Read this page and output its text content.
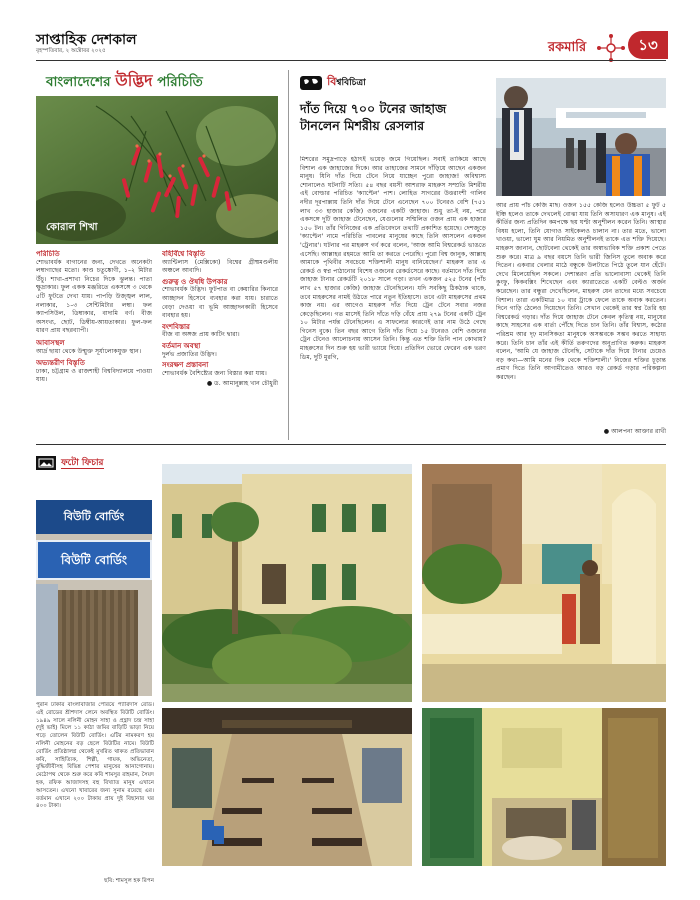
সাপ্তাহিক দেশকাল
বৃহস্পতিবার, ২ অক্টোবর ২০২৫	রকমারি	১৩
বাংলাদেশের উদ্ভিদ পরিচিতি
কোরাল শিখা

পরিচিতি

শোভাবর্ধক বাগানের জন্য, দেখতে অনেকটা লম্বাগাছের মতো। কাণ্ড চতুষ্কোণী, ১–২ মিটার উঁচু। শাখা-প্রশাখা নিচের দিকে ঝুলন্ত। পাতা ক্ষুদ্রাকার। ফুল একক মঞ্জরিতে একসঙ্গে ৩ থেকে ৫টি ফুটতে দেখা যায়। পাপড়ি উজ্জ্বল লাল, নলাকার, ১–৩ সেন্টিমিটার লম্বা। ফল ক্যাপসিউল, ডিম্বাকার, বাদামি বর্ণ। বীজ অসংখ্য, ছোট, ডিম্বীয়-আয়তাকার। ফুল-ফল ধারণ প্রায় বছরব্যাপী।

আবাসস্থল

আর্দ্র ছায়া থেকে উন্মুক্ত সূর্যালোকযুক্ত স্থান।

অভ্যন্তরীণ বিস্তৃতি

ঢাকা, চট্টগ্রাম ও রাজশাহী বিশ্ববিদ্যালয়ে পাওয়া যায়।

বহির্বিশ্বে বিস্তৃতি

অ্যান্টিলাস (মেক্সিকো) বিশ্বের গ্রীষ্মমণ্ডলীয় অঞ্চলে আবাদি।

গুরুত্ব ও ঔষধি উপকার

শোভাবর্ধক উদ্ভিদ। ফুটপাত বা কেয়ারির কিনারে আচ্ছাদন হিসেবে ব্যবহার করা যায়। চারাতে বেড়া দেওয়া বা ভূমি আচ্ছাদনকারী হিসেবে ব্যবহার হয়।

বংশবিস্তার

বীজ বা অঙ্গজ প্রায় কাটিং দ্বারা।

বর্তমান অবস্থা

দুর্লভ প্রজাতির উদ্ভিদ।

সংরক্ষণ প্রস্তাবনা

শোভাবর্ধক বৈশিষ্ট্যের জন্য বিস্তার করা যায়।

● ড. আমানুল্লাহ খান চৌধুরী

বিশ্ববিচিত্রা
দাঁত দিয়ে ৭০০ টনের জাহাজ
টানলেন মিশরীয় রেসলার

মিশরের সমুদ্রপাড়ে হঠাৎই ভয়েড় জমে গিয়েছিল। সবাই তাকিয়ে আছে বিশাল এক জাহাজের দিকে। আর তাহাজের সামনে দাঁড়িয়ে আছেন একজন মানুষ। যিনি দাঁত দিয়ে টেনে নিয়ে যাচ্ছেন পুরো জাহাজ! অবিশ্বাস্য শোনালেও ঘটনাটি সত্যি। ৫৪ বছর বয়সী আশরাফ মাহরুস সম্প্রতি মিশরীয় এই বোল্ডার পরিচিত 'ক্যাপ্টেন' পাশ। লোহিত সাগরের উত্তরাংশী গালিব নদীর দূরপাল্লায় তিনি দাঁত দিয়ে টেনে এনেছেন ৭০০ টনেরও বেশি (৭৫১ লাখ ৩৩ হাজার কেজি) ওজনের একটি জাহাজ। শুধু তা-ই নয়, পরে একসঙ্গে দুটি জাহাজ টেনেছেন, যেগুলোর সম্মিলিত ওজন প্রায় এক হাজার ১৫০ টন। তাঁর গিনিজের এক প্রতিবেদনে তথ্যটি প্রকাশিত হয়েছে। দেশজুড়ে 'ক্যাপ্টেন' নামে পরিচিতি পাবলের মানুষের কাছে তিনি আসলেন একজন 'ট্রেনার'। ঘটনার পর মাহরুস গর্ব করে বলেন, 'আজ আমি বিশ্বরেকর্ড ভাঙতে এসেছি। আল্লাহর রহমতে আমি তা করতে পেরেছি। পুরো বিশ্ব জানুক, আল্লাহ আমাকে পৃথিবীর সবচেয়ে শক্তিশালী মানুষ বানিয়েছেন।' মাহরুস তার এ রেকর্ড ও স্বপ্ন পাঠানোর বিশেষ ওজনের রেকর্ডসেরে কাছে। বর্তমানে দাঁত দিয়ে জাহাজ টানার রেকর্ডটি ২০১৮ সালে গড়া। তখন একজন ৫২৫ টনের (পাঁচ লাখ ৫৭ হাজার কেজি) জাহাজ টেনেছিলেন। যদি সবকিছু ঠিকঠাক থাকে, তবে মাহরুসের নামই উঠতে পারে নতুন ইতিহাসে। তবে এটা মাহরুসের প্রথম কাজ নয়। এর আগেও মাহরুস দাঁত দিয়ে ট্রেন টেনে সবার নজর কেড়েছিলেন। গত মাসেই তিনি দাঁতে দড়ি বেঁধে প্রায় ২৭৯ টনের একটি ট্রেন ১০ মিটার পর্যন্ত টেনেছিলেন। এ সাফল্যের কারণেই তার নাম উঠে গেছে গিনেস বুকে। তিন বছর আগে তিনি দাঁত দিয়ে ১৫ টনেরও বেশি ওজনের ট্রেন টেনেও আলোচনায় আসেন তিনি। কিন্তু এত শক্তি তিনি পান কোথায়? মাহরুসের দিন শুরু হয় ভারী ভ্যায়ে দিয়ে। প্রতিদিন ভোরে ফেরেন এক ভরণ ডিম, দুটি মুরগি,

আর প্রায় পাঁচ কেজি মাছ। ওজন ১৫৫ কেজি হলেও উচ্চতা ৫ ফুট ৫ ইঞ্চি হলেও তাকে দেখলেই বোঝা যায় তিনি অসাধারণ এক মানুষ। এই কীর্তির জন্য প্রতিদিন কমপক্ষে ছয় ঘণ্টা অনুশীলন করেন তিনি। আস্থার বিষয় হলো, তিনি যোগাও সাইকেলও চালান না। তার মতে, ভালো খাওয়া, ভালো ঘুম আর নিয়মিত অনুশীলনই তাকে এত শক্তি দিয়েছে। মাহরুস জানান, ছোটবেলা থেকেই তার অস্বাভাবিক শক্তি প্রকাশ পেতে শুরু করে। মাত্র ৯ বছর বয়সে তিনি ভারী জিনিস তুলে অবাক করে দিতেন। একবার খেলার মাঠে বন্ধুকে উলটাতে পিঠে তুলে যান হেঁটে। দেখে মিলেয়েছিল সকলে। দেশান্তরণ প্রতি ভালোবাসা থেকেই তিনি কুংফু, কিকবক্সিং শিখেছেন এবং ক্যারাতেতে একটি বেল্টও অর্জন করেছেন। তার বন্ধুরা দেখেছিলেন, মাহরুস যেন তাদের মধ্যে সবচেয়ে বিশাল। তারা একটিমাত্র ১০ বার ট্রাকে ফেলে তাকে অবাক করতেন। দিনে গাড়ি ঠেলেও দিয়েছেন তিনি। সেখান থেকেই তার স্বপ্ন তৈরি হয় বিশ্বরেকর্ড গড়ার। দাঁত দিয়ে জাহাজ টেনে কেবল কৃতিত্ব নয়, মানুষের কাছে সাহসের এক বার্তা পৌঁছে দিতে চান তিনি। তাঁর বিশ্বাস, কঠোর পরিশ্রম আর দৃঢ় মানসিকতা মানুষকে অসম্ভবকে সম্ভব করতে সাহায্য করে। তিনি চান তাঁর এই কীর্তি তরুণদের অনুপ্রাণিত করুক। মাহরুস বলেন, 'আমি যে জাহাজ টেনেছি, সেটাকে দাঁত দিয়ে টানার চেয়েও বড় কথা—আমি মনের দিক থেকে শক্তিশালী।' নিজের শক্তির চূড়ান্ত প্রমাণ দিতে তিনি আগামীতেও আরও বড় রেকর্ড গড়ার পরিকল্পনা করছেন।

● আলপনা আক্তার রাখী
ফটো ফিচার
বিউটি বোর্ডিং
বিউটি বোর্ডিং

পুরান ঢাকার বাংলাবাজার পেরিয়ে প্যারিদাস রোড। এই রোডের শ্রীশদাস লেনে অবস্থিত বিউটি বোর্ডিং। ১৯৪৯ সালে নলিনী মোহন সাহা ও প্রহ্লাদ চন্দ্র সাহা (দুই ভাই) মিলে ১১ কাঠা জমির বাড়িটি ভাড়া নিয়ে গড়ে তোলেন বিউটি বোর্ডিং। এটির নামকরণ হয় নলিনী মোহনের বড় ছেলে বিউটির নামে। বিউটি বোর্ডিং প্রতিষ্ঠালগ্ন থেকেই মুখরিত থাকত প্রতিভাবান কবি, সাহিত্যিক, শিল্পী, গায়ক, অভিনেতা, বুদ্ধিজীবীসহ বিভিন্ন পেশার মানুষের আনাগোনায়। মেঠোপথ থেকে শুরু করে কবি শামসুর রাহমান, সৈয়দ হক, রফিক আজাদসহ বহু বিখ্যাত মানুষ এখানে আসতেন। এখনো খাবারের জন্য সুনাম রয়েছে এর। বর্তমান এখানে ২০০ টাকায় প্রায় দুই বিছানার ঘর ৪০০ টাকা।

ছবি: শামসুল হক রিপন
